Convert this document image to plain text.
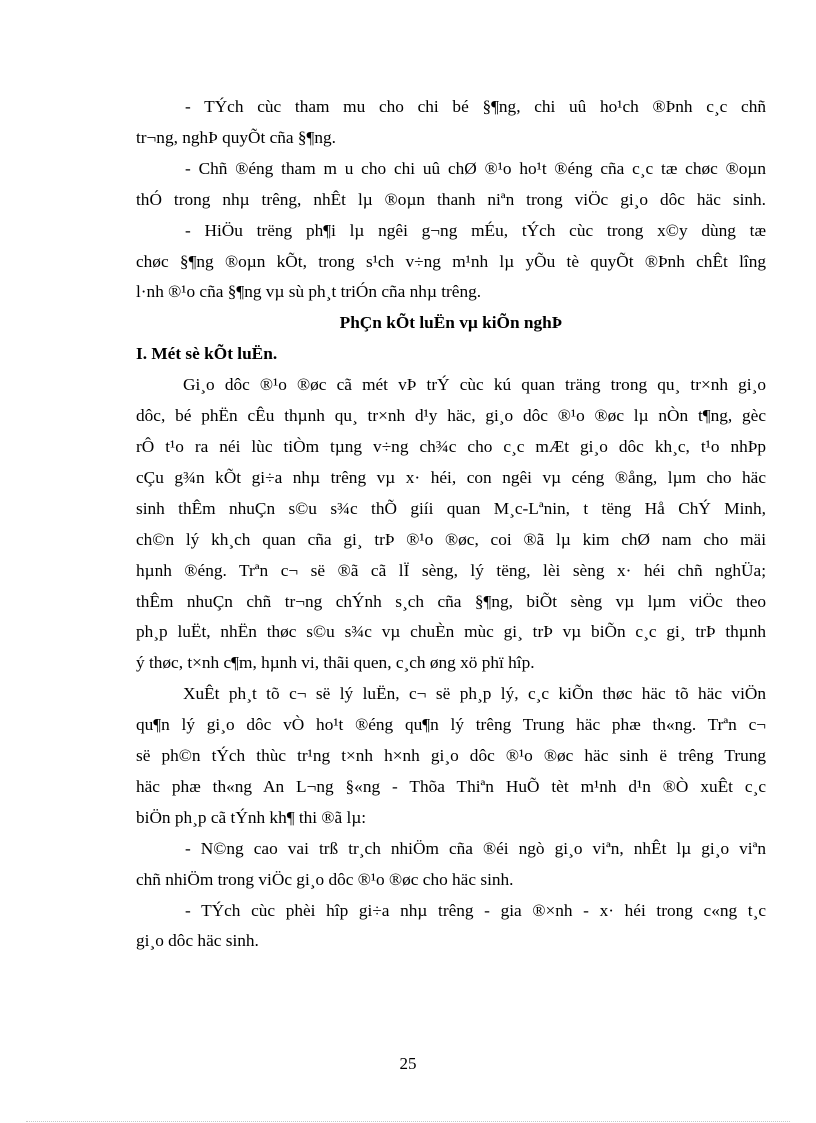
- TÝch cùc tham mu cho chi bé §¶ng, chi uû ho¹ch ®Þnh c¸c chñ
tr¬ng, nghÞ quyÕt cña §¶ng.
- Chñ ®éng tham m u cho chi uû chØ ®¹o ho¹t ®éng cña c¸c tæ chøc ®oµn
thÓ trong nhµ trêng, nhÊt lµ ®oµn thanh niªn trong viÖc gi¸o dôc häc sinh.
- HiÖu trëng ph¶i lµ ngêi g¬ng mÉu, tÝch cùc trong x©y dùng tæ
chøc §¶ng ®oµn kÕt, trong s¹ch v÷ng m¹nh lµ yÕu tè quyÕt ®Þnh chÊt lîng
l·nh ®¹o cña §¶ng vµ sù ph¸t triÓn cña nhµ trêng.
PhÇn kÕt luËn vµ kiÕn nghÞ
I. Mét sè kÕt luËn.
Gi¸o dôc ®¹o ®øc cã mét vÞ trÝ cùc kú quan träng trong qu¸ tr×nh gi¸o
dôc, bé phËn cÊu thµnh qu¸ tr×nh d¹y häc, gi¸o dôc ®¹o ®øc lµ nÒn t¶ng, gèc
rÔ t¹o ra néi lùc tiÒm tµng v÷ng ch¾c cho c¸c mÆt gi¸o dôc kh¸c, t¹o nhÞp
cÇu g¾n kÕt gi÷a nhµ trêng vµ x· héi, con ngêi vµ céng ®ång, lµm cho häc
sinh thÊm nhuÇn s©u s¾c thÕ giíi quan M¸c-Lªnin, t tëng Hå ChÝ Minh,
ch©n lý kh¸ch quan cña gi¸ trÞ ®¹o ®øc, coi ®ã lµ kim chØ nam cho mäi
hµnh ®éng. Trªn c¬ së ®ã cã lÏ sèng, lý tëng, lèi sèng x· héi chñ nghÜa;
thÊm nhuÇn chñ tr¬ng chÝnh s¸ch cña §¶ng, biÕt sèng vµ lµm viÖc theo
ph¸p luËt, nhËn thøc s©u s¾c vµ chuÈn mùc gi¸ trÞ vµ biÕn c¸c gi¸ trÞ thµnh
ý thøc, t×nh c¶m, hµnh vi, thãi quen, c¸ch øng xö phï hîp.
XuÊt ph¸t tõ c¬ së lý luËn, c¬ së ph¸p lý, c¸c kiÕn thøc häc tõ häc viÖn
qu¶n lý gi¸o dôc vÒ ho¹t ®éng qu¶n lý trêng Trung häc phæ th«ng. Trªn c¬
së ph©n tÝch thùc tr¹ng t×nh h×nh gi¸o dôc ®¹o ®øc häc sinh ë trêng Trung
häc phæ th«ng An L¬ng §«ng - Thõa Thiªn HuÕ tèt m¹nh d¹n ®Ò xuÊt c¸c
biÖn ph¸p cã tÝnh kh¶ thi ®ã lµ:
- N©ng cao vai trß tr¸ch nhiÖm cña ®éi ngò gi¸o viªn, nhÊt lµ gi¸o viªn
chñ nhiÖm trong viÖc gi¸o dôc ®¹o ®øc cho häc sinh.
- TÝch cùc phèi hîp gi÷a nhµ trêng - gia ®×nh - x· héi trong c«ng t¸c
gi¸o dôc häc sinh.
25
